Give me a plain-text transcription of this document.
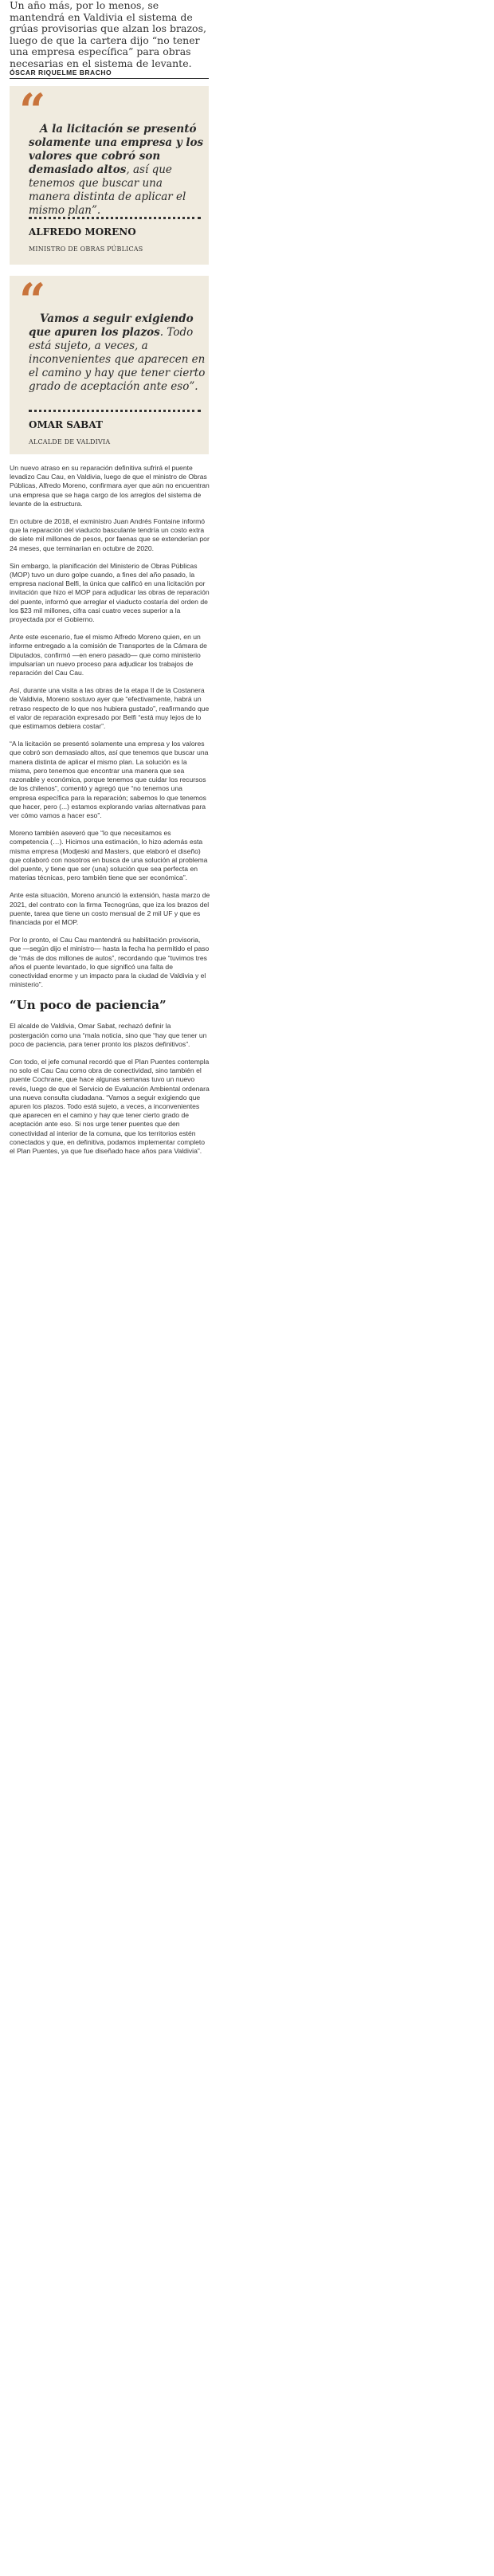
Un año más, por lo menos, se mantendrá en Valdivia el sistema de grúas provisorias que alzan los brazos, luego de que la cartera dijo “no tener una empresa específica” para obras necesarias en el sistema de levante.

ÓSCAR RIQUELME BRACHO
“

A la licitación se presentó solamente una empresa y los valores que cobró son demasiado altos, así que tenemos que buscar una manera distinta de aplicar el mismo plan”.

ALFREDO MORENO
MINISTRO DE OBRAS PÚBLICAS
“

Vamos a seguir exigiendo que apuren los plazos. Todo está sujeto, a veces, a inconvenientes que aparecen en el camino y hay que tener cierto grado de aceptación ante eso”.

OMAR SABAT
ALCALDE DE VALDIVIA

Un nuevo atraso en su reparación definitiva sufrirá el puente levadizo Cau Cau, en Valdivia, luego de que el ministro de Obras Públicas, Alfredo Moreno, confirmara ayer que aún no encuentran una empresa que se haga cargo de los arreglos del sistema de levante de la estructura.

En octubre de 2018, el exministro Juan Andrés Fontaine informó que la reparación del viaducto basculante tendría un costo extra de siete mil millones de pesos, por faenas que se extenderían por 24 meses, que terminarían en octubre de 2020.

Sin embargo, la planificación del Ministerio de Obras Públicas (MOP) tuvo un duro golpe cuando, a fines del año pasado, la empresa nacional Belfi, la única que calificó en una licitación por invitación que hizo el MOP para adjudicar las obras de reparación del puente, informó que arreglar el viaducto costaría del orden de los $23 mil millones, cifra casi cuatro veces superior a la proyectada por el Gobierno.

Ante este escenario, fue el mismo Alfredo Moreno quien, en un informe entregado a la comisión de Transportes de la Cámara de Diputados, confirmó —en enero pasado— que como ministerio impulsarían un nuevo proceso para adjudicar los trabajos de reparación del Cau Cau.

Así, durante una visita a las obras de la etapa II de la Costanera de Valdivia, Moreno sostuvo ayer que “efectivamente, habrá un retraso respecto de lo que nos hubiera gustado”, reafirmando que el valor de reparación expresado por Belfi “está muy lejos de lo que estimamos debiera costar”.

“A la licitación se presentó solamente una empresa y los valores que cobró son demasiado altos, así que tenemos que buscar una manera distinta de aplicar el mismo plan. La solución es la misma, pero tenemos que encontrar una manera que sea razonable y económica, porque tenemos que cuidar los recursos de los chilenos”, comentó y agregó que “no tenemos una empresa específica para la reparación; sabemos lo que tenemos que hacer, pero (...) estamos explorando varias alternativas para ver cómo vamos a hacer eso”.

Moreno también aseveró que “lo que necesitamos es competencia (…). Hicimos una estimación, lo hizo además esta misma empresa (Modjeski and Masters, que elaboró el diseño) que colaboró con nosotros en busca de una solución al problema del puente, y tiene que ser (una) solución que sea perfecta en materias técnicas, pero también tiene que ser económica”.

Ante esta situación, Moreno anunció la extensión, hasta marzo de 2021, del contrato con la firma Tecnogrúas, que iza los brazos del puente, tarea que tiene un costo mensual de 2 mil UF y que es financiada por el MOP.

Por lo pronto, el Cau Cau mantendrá su habilitación provisoria, que —según dijo el ministro— hasta la fecha ha permitido el paso de “más de dos millones de autos”, recordando que “tuvimos tres años el puente levantado, lo que significó una falta de conectividad enorme y un impacto para la ciudad de Valdivia y el ministerio”.

“Un poco de paciencia”

El alcalde de Valdivia, Omar Sabat, rechazó definir la postergación como una “mala noticia, sino que “hay que tener un poco de paciencia, para tener pronto los plazos definitivos”.

Con todo, el jefe comunal recordó que el Plan Puentes contempla no solo el Cau Cau como obra de conectividad, sino también el puente Cochrane, que hace algunas semanas tuvo un nuevo revés, luego de que el Servicio de Evaluación Ambiental ordenara una nueva consulta ciudadana. “Vamos a seguir exigiendo que apuren los plazos. Todo está sujeto, a veces, a inconvenientes que aparecen en el camino y hay que tener cierto grado de aceptación ante eso. Si nos urge tener puentes que den conectividad al interior de la comuna, que los territorios estén conectados y que, en definitiva, podamos implementar completo el Plan Puentes, ya que fue diseñado hace años para Valdivia”.
